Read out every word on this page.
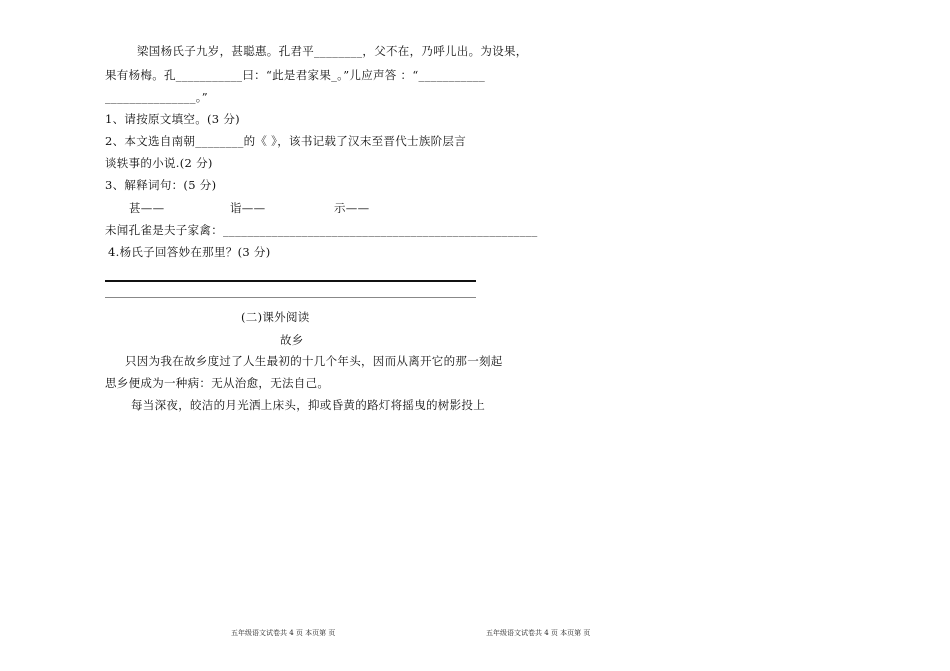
梁国杨氏子九岁，甚聪惠。孔君平________，父不在，乃呼儿出。为设果，
果有杨梅。孔___________曰：“此是君家果_。”儿应声答 ：“___________
_______________。”
1、请按原文填空。(3 分)
2、本文选自南朝________的《 》，该书记载了汉末至晋代士族阶层言
谈轶事的小说.(2 分)
3、解释词句：(5 分)
甚——	诣——	示——
未闻孔雀是夫子家禽：____________________________________________________
4.杨氏子回答妙在那里？(3 分)
(二)课外阅读
故乡
只因为我在故乡度过了人生最初的十几个年头，因而从离开它的那一刻起
思乡便成为一种病：无从治愈，无法自己。
每当深夜，皎洁的月光洒上床头，抑或昏黄的路灯将摇曳的树影投上
五年级语文试卷共 4 页 本页第 页	五年级语文试卷共 4 页 本页第 页
